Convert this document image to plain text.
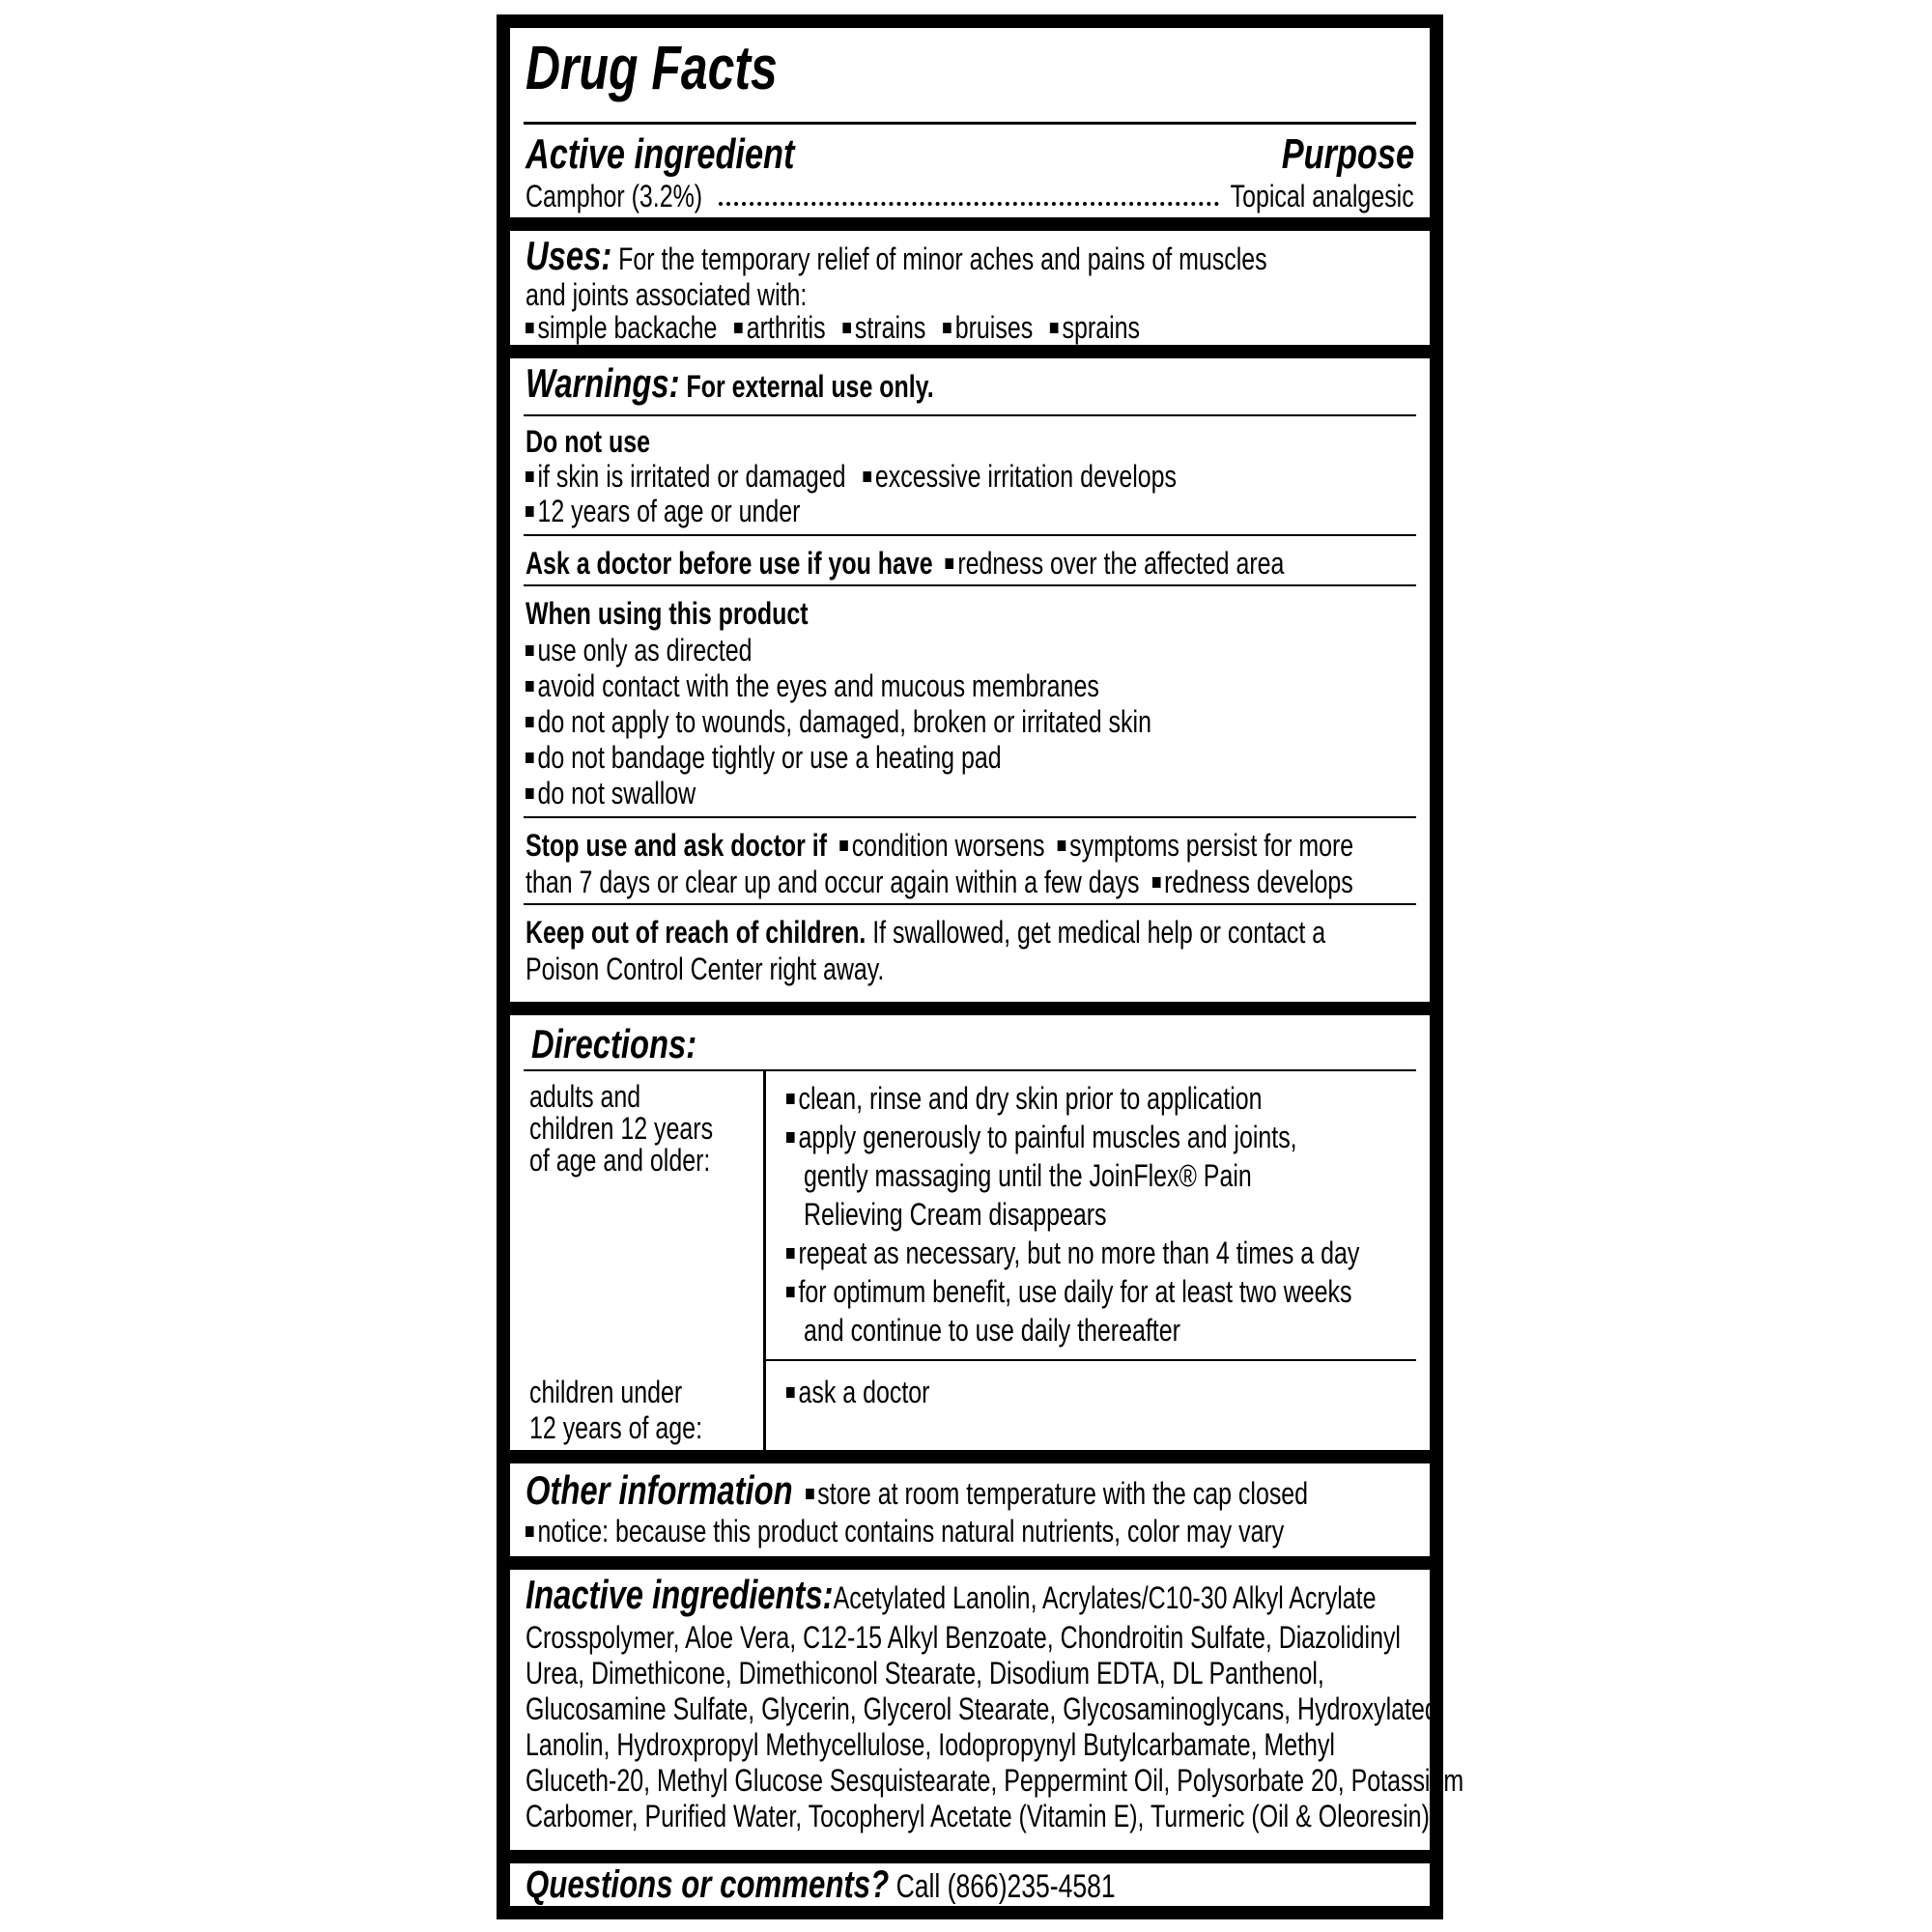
Drug Facts
Active ingredient	Purpose
Camphor (3.2%)	Topical analgesic
Uses: For the temporary relief of minor aches and pains of muscles
and joints associated with:
simple backache arthritis strains bruises sprains
Warnings: For external use only.
Do not use
if skin is irritated or damaged excessive irritation develops
12 years of age or under
Ask a doctor before use if you have redness over the affected area
When using this product
use only as directed
avoid contact with the eyes and mucous membranes
do not apply to wounds, damaged, broken or irritated skin
do not bandage tightly or use a heating pad
do not swallow
Stop use and ask doctor if condition worsens symptoms persist for more
than 7 days or clear up and occur again within a few days redness develops
Keep out of reach of children. If swallowed, get medical help or contact a
Poison Control Center right away.
Directions:
adults and
children 12 years
of age and older:
clean, rinse and dry skin prior to application
apply generously to painful muscles and joints,
gently massaging until the JoinFlex® Pain
Relieving Cream disappears
repeat as necessary, but no more than 4 times a day
for optimum benefit, use daily for at least two weeks
and continue to use daily thereafter
children under
12 years of age:
ask a doctor
Other information store at room temperature with the cap closed
notice: because this product contains natural nutrients, color may vary
Inactive ingredients:Acetylated Lanolin, Acrylates/C10-30 Alkyl Acrylate
Crosspolymer, Aloe Vera, C12-15 Alkyl Benzoate, Chondroitin Sulfate, Diazolidinyl
Urea, Dimethicone, Dimethiconol Stearate, Disodium EDTA, DL Panthenol,
Glucosamine Sulfate, Glycerin, Glycerol Stearate, Glycosaminoglycans, Hydroxylated
Lanolin, Hydroxpropyl Methycellulose, Iodopropynyl Butylcarbamate, Methyl
Gluceth-20, Methyl Glucose Sesquistearate, Peppermint Oil, Polysorbate 20, Potassium
Carbomer, Purified Water, Tocopheryl Acetate (Vitamin E), Turmeric (Oil & Oleoresin).
Questions or comments? Call (866)235-4581
